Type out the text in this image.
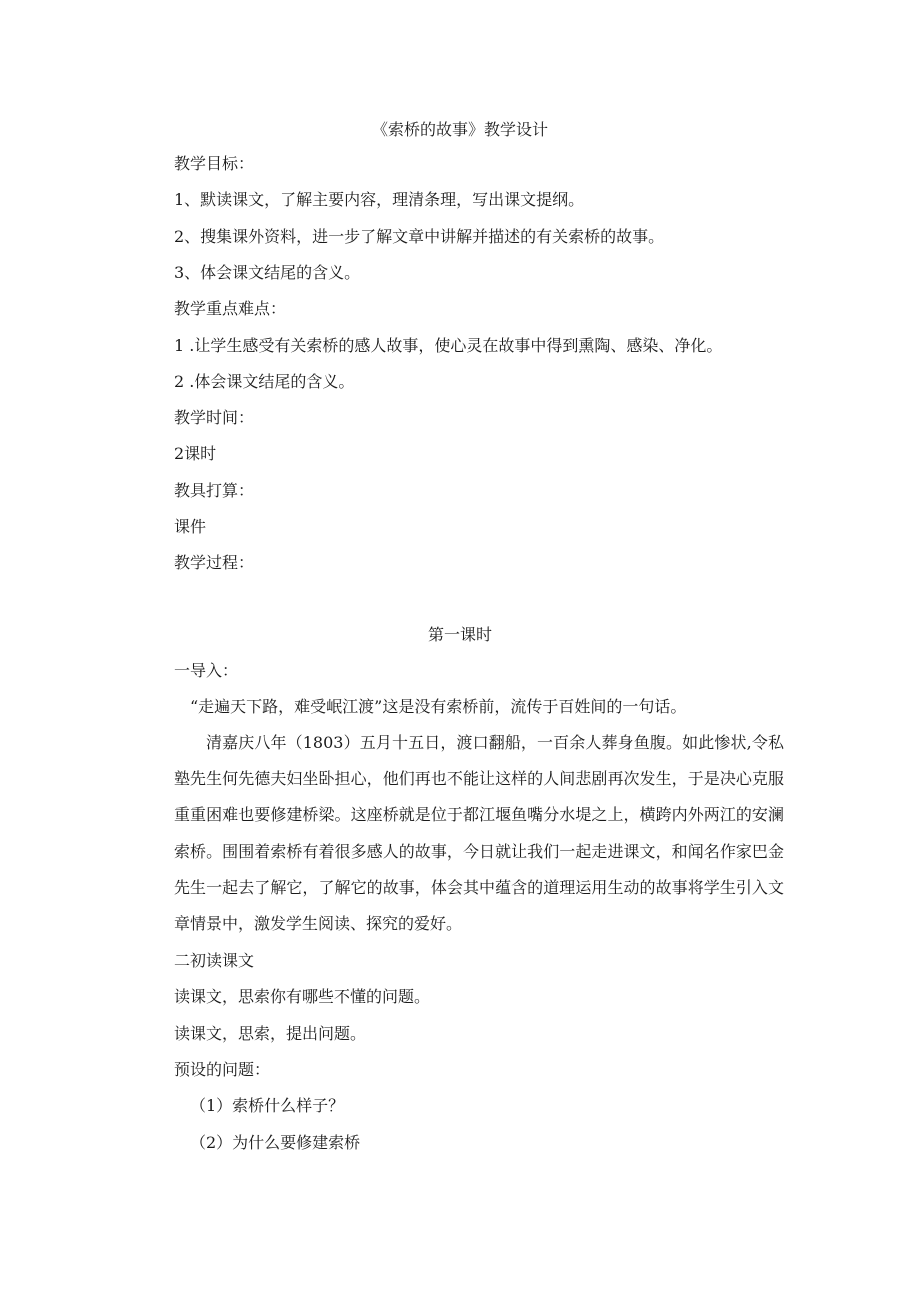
《索桥的故事》教学设计

教学目标：

1、默读课文，了解主要内容，理清条理，写出课文提纲。

2、搜集课外资料，进一步了解文章中讲解并描述的有关索桥的故事。

3、体会课文结尾的含义。

教学重点难点：

1 .让学生感受有关索桥的感人故事，使心灵在故事中得到熏陶、感染、净化。

2 .体会课文结尾的含义。

教学时间：

2课时

教具打算：

课件

教学过程：

第一课时

一导入：

“走遍天下路，难受岷江渡”这是没有索桥前，流传于百姓间的一句话。

清嘉庆八年（1803）五月十五日，渡口翻船，一百余人葬身鱼腹。如此惨状,令私塾先生何先德夫妇坐卧担心，他们再也不能让这样的人间悲剧再次发生，于是决心克服重重困难也要修建桥梁。这座桥就是位于都江堰鱼嘴分水堤之上，横跨内外两江的安澜索桥。围围着索桥有着很多感人的故事，今日就让我们一起走进课文，和闻名作家巴金先生一起去了解它，了解它的故事，体会其中蕴含的道理运用生动的故事将学生引入文章情景中，激发学生阅读、探究的爱好。

二初读课文

读课文，思索你有哪些不懂的问题。

读课文，思索，提出问题。

预设的问题：

（1）索桥什么样子？

（2）为什么要修建索桥
